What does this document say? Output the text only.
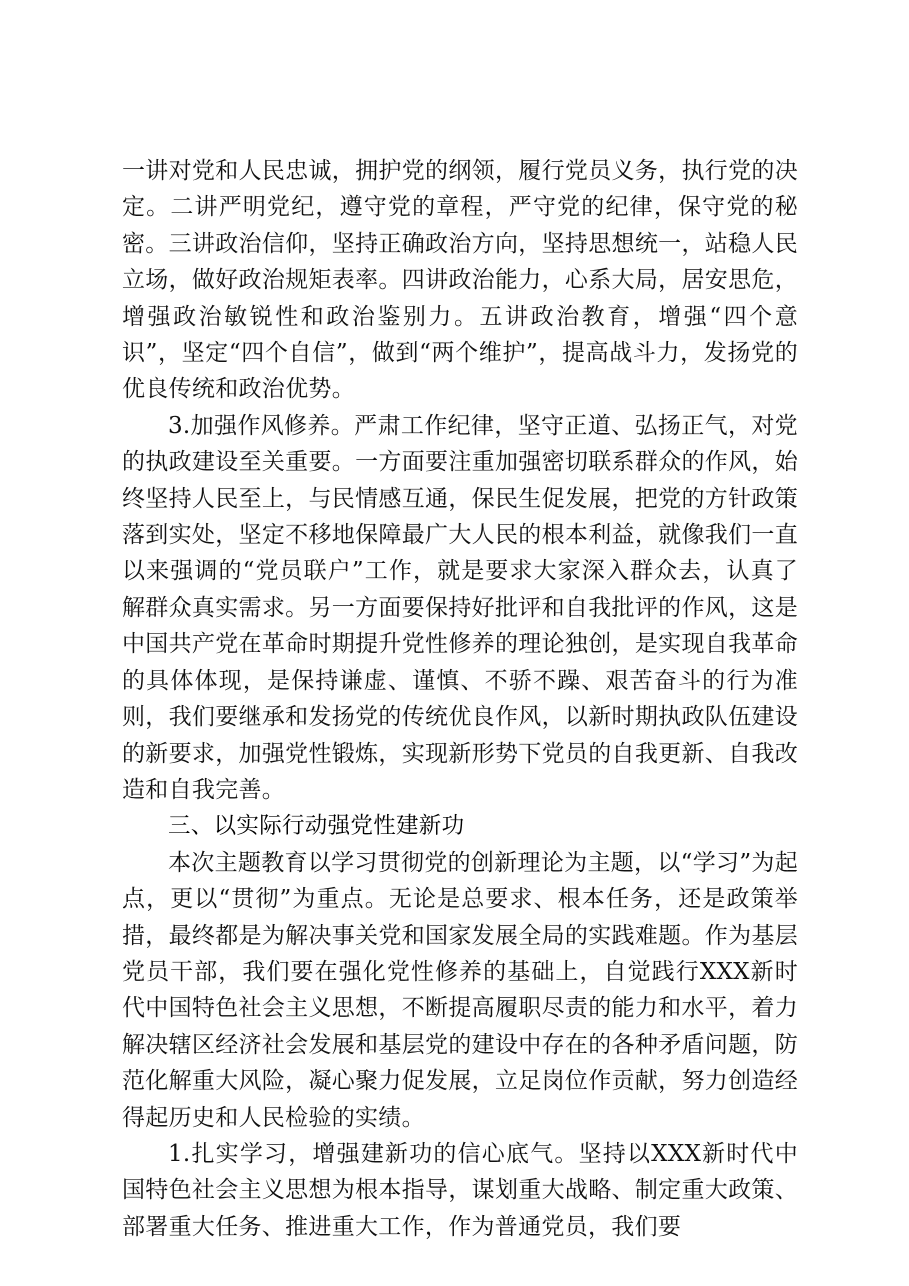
一讲对党和人民忠诚，拥护党的纲领，履行党员义务，执行党的决定。二讲严明党纪，遵守党的章程，严守党的纪律，保守党的秘密。三讲政治信仰，坚持正确政治方向，坚持思想统一，站稳人民立场，做好政治规矩表率。四讲政治能力，心系大局，居安思危，增强政治敏锐性和政治鉴别力。五讲政治教育，增强“四个意识”，坚定“四个自信”，做到“两个维护”，提高战斗力，发扬党的优良传统和政治优势。

3.加强作风修养。严肃工作纪律，坚守正道、弘扬正气，对党的执政建设至关重要。一方面要注重加强密切联系群众的作风，始终坚持人民至上，与民情感互通，保民生促发展，把党的方针政策落到实处，坚定不移地保障最广大人民的根本利益，就像我们一直以来强调的“党员联户”工作，就是要求大家深入群众去，认真了解群众真实需求。另一方面要保持好批评和自我批评的作风，这是中国共产党在革命时期提升党性修养的理论独创，是实现自我革命的具体体现，是保持谦虚、谨慎、不骄不躁、艰苦奋斗的行为准则，我们要继承和发扬党的传统优良作风，以新时期执政队伍建设的新要求，加强党性锻炼，实现新形势下党员的自我更新、自我改造和自我完善。

三、以实际行动强党性建新功

本次主题教育以学习贯彻党的创新理论为主题，以“学习”为起点，更以“贯彻”为重点。无论是总要求、根本任务，还是政策举措，最终都是为解决事关党和国家发展全局的实践难题。作为基层党员干部，我们要在强化党性修养的基础上，自觉践行XXX新时代中国特色社会主义思想，不断提高履职尽责的能力和水平，着力解决辖区经济社会发展和基层党的建设中存在的各种矛盾问题，防范化解重大风险，凝心聚力促发展，立足岗位作贡献，努力创造经得起历史和人民检验的实绩。

1.扎实学习，增强建新功的信心底气。坚持以XXX新时代中国特色社会主义思想为根本指导，谋划重大战略、制定重大政策、部署重大任务、推进重大工作，作为普通党员，我们要
